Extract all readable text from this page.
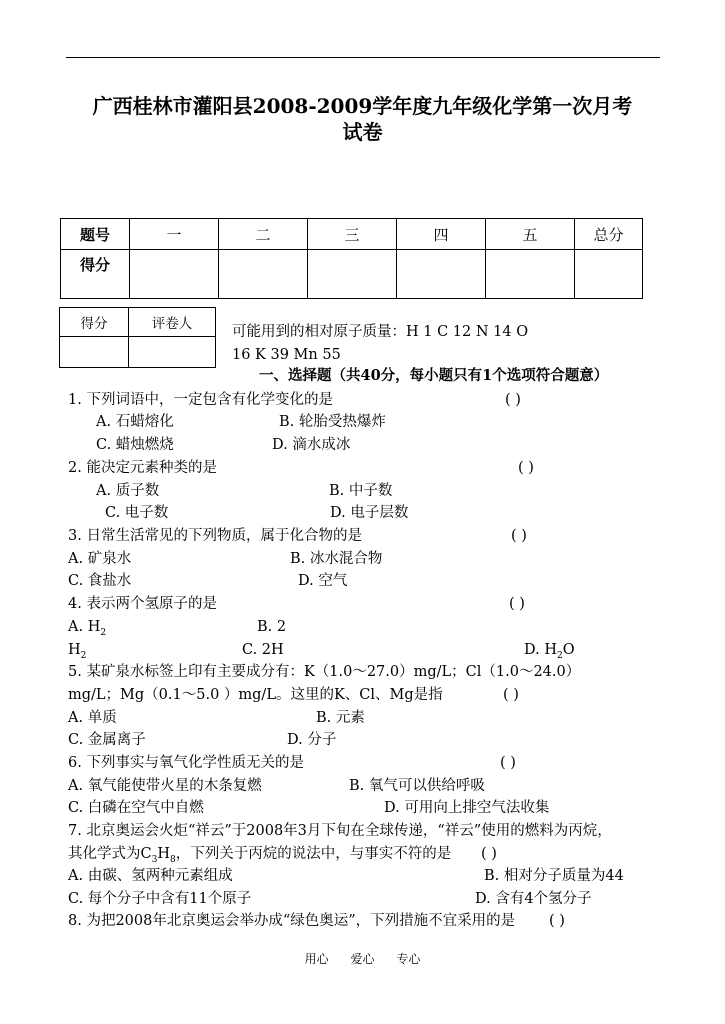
广西桂林市灌阳县2008-2009学年度九年级化学第一次月考
试卷
题号	一	二	三	四	五	总分
得分						
得分	评卷人
		可能用到的相对原子质量：H 1 C 12 N 14 O
16 K 39 Mn 55
一、选择题（共40分，每小题只有1个选项符合题意）
1. 下列词语中，一定包含有化学变化的是	( )
A. 石蜡熔化	B. 轮胎受热爆炸
C. 蜡烛燃烧	D. 滴水成冰
2. 能决定元素种类的是	( )
A. 质子数	B. 中子数
C. 电子数	D. 电子层数
3. 日常生活常见的下列物质，属于化合物的是	( )
A. 矿泉水	B. 冰水混合物
C. 食盐水	D. 空气
4. 表示两个氢原子的是	( )
A. $H_2$	B. 2
$H_2$	C. 2H	D. $H_2O$
5. 某矿泉水标签上印有主要成分有：K（1.0～27.0）mg/L；Cl（1.0～24.0）
mg/L；Mg（0.1～5.0 ）mg/L。这里的K、Cl、Mg是指	( )
A. 单质	B. 元素
C. 金属离子	D. 分子
6. 下列事实与氧气化学性质无关的是	( )
A. 氧气能使带火星的木条复燃	B. 氧气可以供给呼吸
C. 白磷在空气中自燃	D. 可用向上排空气法收集
7. 北京奥运会火炬“祥云”于2008年3月下旬在全球传递，“祥云”使用的燃料为丙烷，
其化学式为$C_3H_8$，下列关于丙烷的说法中，与事实不符的是 ( )
A. 由碳、氢两种元素组成	B. 相对分子质量为44
C. 每个分子中含有11个原子	D. 含有4个氢分子
8. 为把2008年北京奥运会举办成“绿色奥运”，下列措施不宜采用的是 ( )
用心 爱心 专心
